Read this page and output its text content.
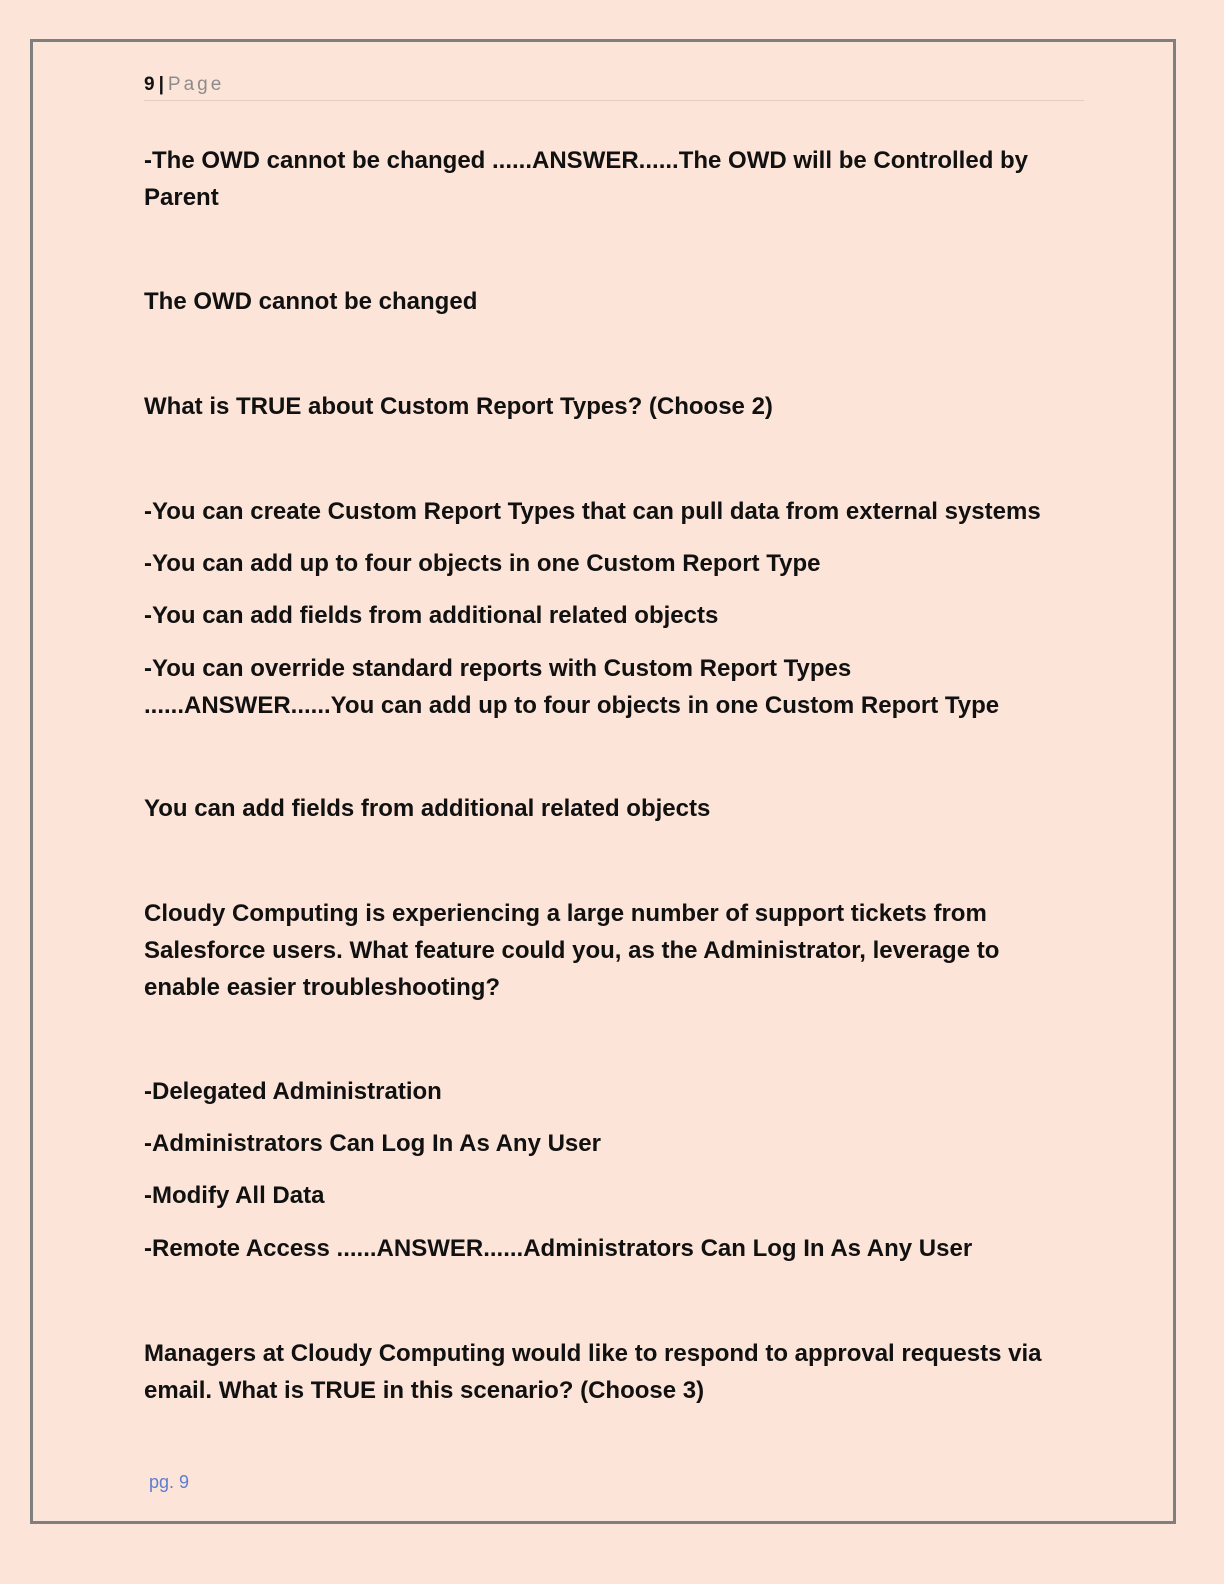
9 | Page

-The OWD cannot be changed ......ANSWER......The OWD will be Controlled by Parent

The OWD cannot be changed

What is TRUE about Custom Report Types? (Choose 2)

-You can create Custom Report Types that can pull data from external systems

-You can add up to four objects in one Custom Report Type

-You can add fields from additional related objects

-You can override standard reports with Custom Report Types ......ANSWER......You can add up to four objects in one Custom Report Type

You can add fields from additional related objects

Cloudy Computing is experiencing a large number of support tickets from Salesforce users. What feature could you, as the Administrator, leverage to enable easier troubleshooting?

-Delegated Administration

-Administrators Can Log In As Any User

-Modify All Data

-Remote Access ......ANSWER......Administrators Can Log In As Any User

Managers at Cloudy Computing would like to respond to approval requests via email. What is TRUE in this scenario? (Choose 3)

pg. 9
